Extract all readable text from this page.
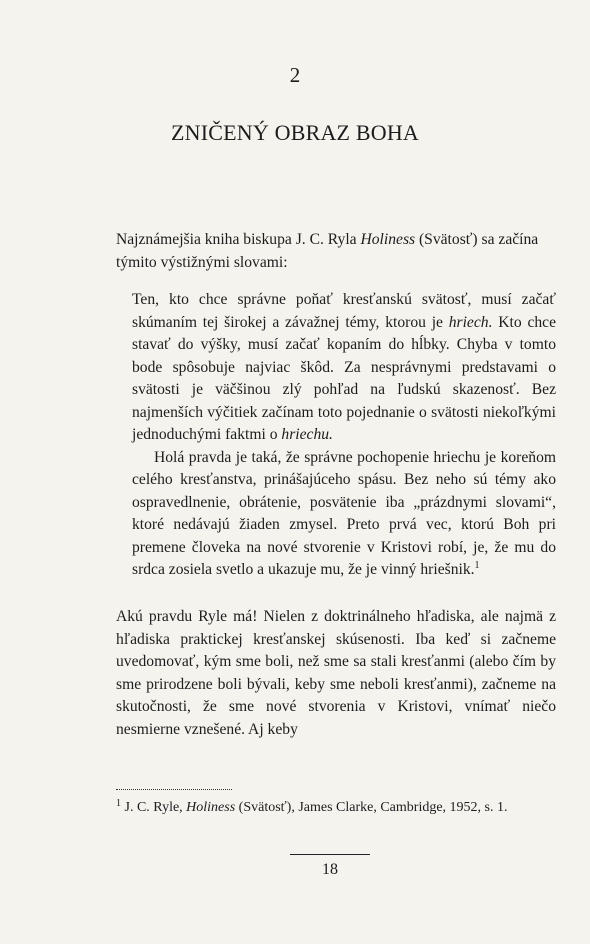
2
ZNIČENÝ OBRAZ BOHA
Najznámejšia kniha biskupa J. C. Ryla Holiness (Svätosť) sa začína týmito výstižnými slovami:

Ten, kto chce správne poňať kresťanskú svätosť, musí začať skúmaním tej širokej a závažnej témy, ktorou je hriech. Kto chce stavať do výšky, musí začať kopaním do hĺbky. Chyba v tomto bode spôsobuje najviac škôd. Za nesprávnymi predstavami o svätosti je väčšinou zlý pohľad na ľudskú skazenosť. Bez najmenších výčitiek začínam toto pojednanie o svätosti niekoľkými jednoduchými faktmi o hriechu.

Holá pravda je taká, že správne pochopenie hriechu je koreňom celého kresťanstva, prinášajúceho spásu. Bez neho sú témy ako ospravedlnenie, obrátenie, posvätenie iba „prázdnymi slovami“, ktoré nedávajú žiaden zmysel. Preto prvá vec, ktorú Boh pri premene človeka na nové stvorenie v Kristovi robí, je, že mu do srdca zosiela svetlo a ukazuje mu, že je vinný hriešnik.$^1$

Akú pravdu Ryle má! Nielen z doktrinálneho hľadiska, ale najmä z hľadiska praktickej kresťanskej skúsenosti. Iba keď si začneme uvedomovať, kým sme boli, než sme sa stali kresťanmi (alebo čím by sme prirodzene boli bývali, keby sme neboli kresťanmi), začneme na skutočnosti, že sme nové stvorenia v Kristovi, vnímať niečo nesmierne vznešené. Aj keby

$^1$ J. C. Ryle, Holiness (Svätosť), James Clarke, Cambridge, 1952, s. 1.
18
